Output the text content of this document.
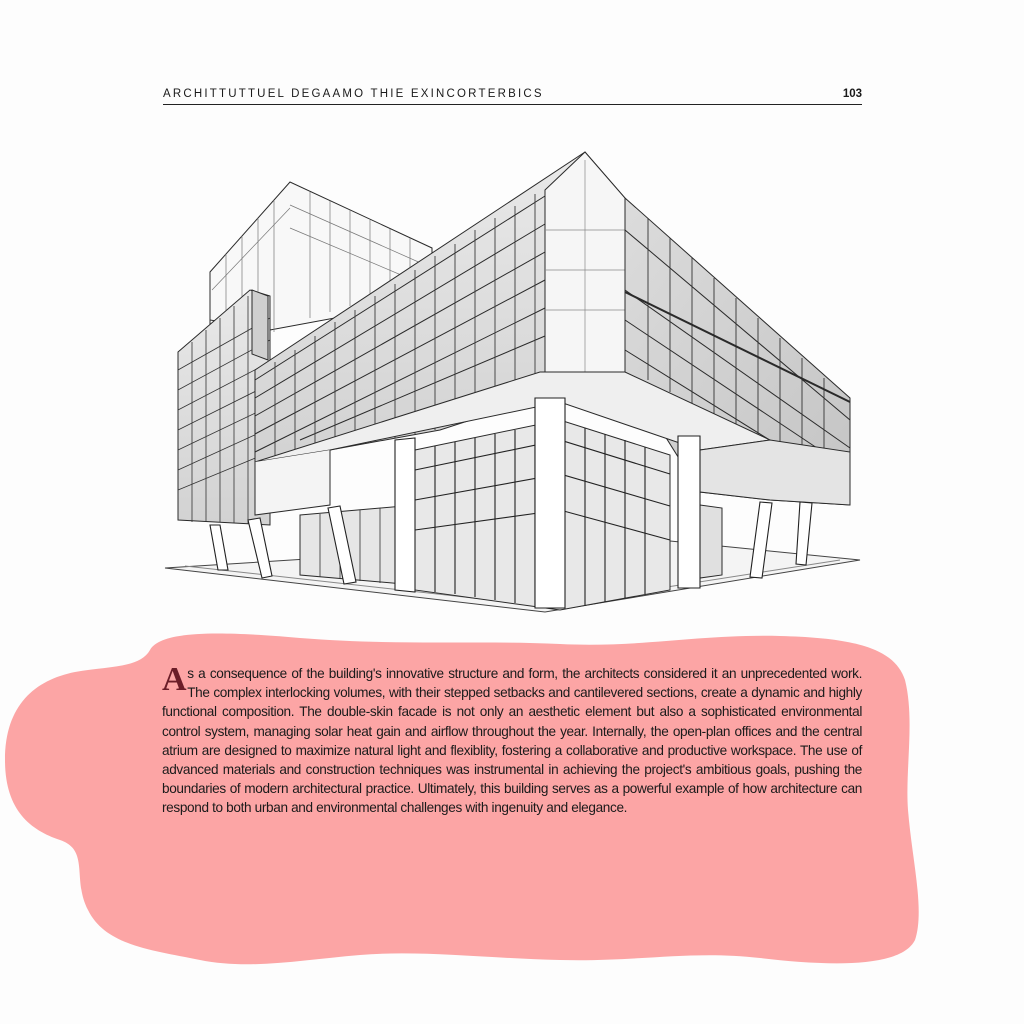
ARCHITTUTTUEL DEGAAMO THIE EXINCORTERBICS	103
As a consequence of the building's innovative structure and form, the architects considered it an unprecedented work. The complex interlocking volumes, with their stepped setbacks and cantilevered sections, create a dynamic and highly functional composition. The double-skin facade is not only an aesthetic element but also a sophisticated environmental control system, managing solar heat gain and airflow throughout the year. Internally, the open-plan offices and the central atrium are designed to maximize natural light and flexiblity, fostering a collaborative and productive workspace. The use of advanced materials and construction techniques was instrumental in achieving the project's ambitious goals, pushing the boundaries of modern architectural practice. Ultimately, this building serves as a powerful example of how architecture can respond to both urban and environmental challenges with ingenuity and elegance.
